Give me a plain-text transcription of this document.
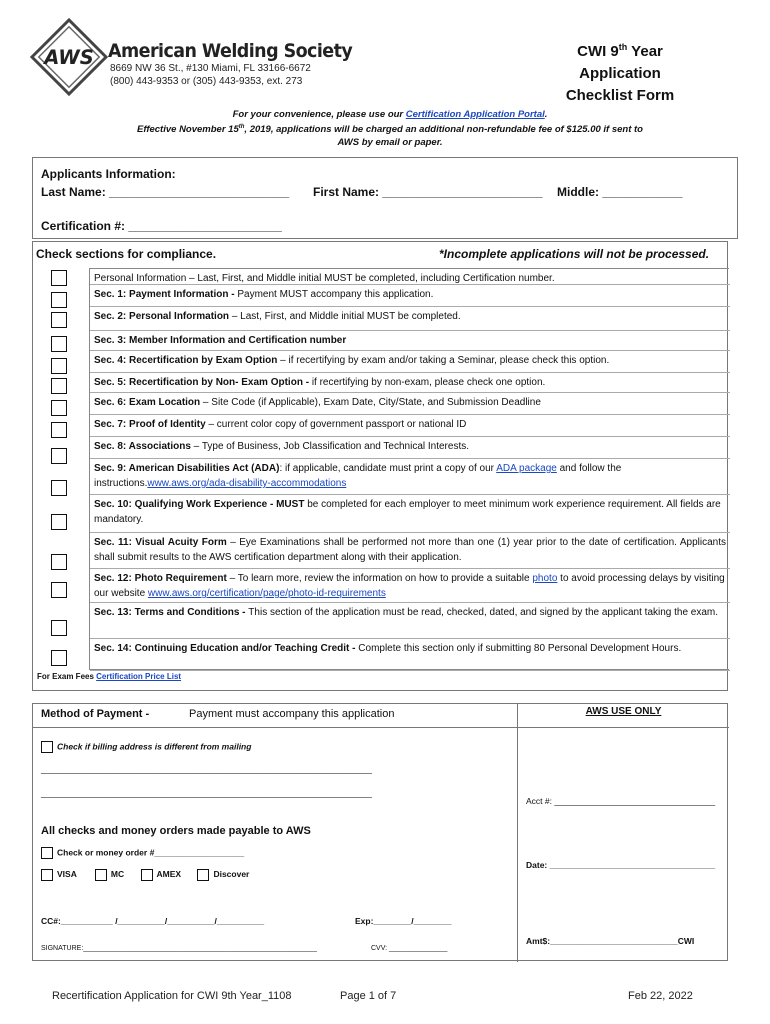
AWS American Welding Society
8669 NW 36 St., #130 Miami, FL 33166-6672
(800) 443-9353 or (305) 443-9353, ext. 273
CWI 9th Year
Application
Checklist Form
For your convenience, please use our Certification Application Portal.
Effective November 15th, 2019, applications will be charged an additional non-refundable fee of $125.00 if sent to
AWS by email or paper.
Applicants Information:
Last Name: ___________________________ First Name: ________________________ Middle: ____________
Certification #: _______________________
Check sections for compliance.	*Incomplete applications will not be processed.
Personal Information – Last, First, and Middle initial MUST be completed, including Certification number.
Sec. 1: Payment Information - Payment MUST accompany this application.
Sec. 2: Personal Information – Last, First, and Middle initial MUST be completed.
Sec. 3: Member Information and Certification number
Sec. 4: Recertification by Exam Option – if recertifying by exam and/or taking a Seminar, please check this option.
Sec. 5: Recertification by Non- Exam Option - if recertifying by non-exam, please check one option.
Sec. 6: Exam Location – Site Code (if Applicable), Exam Date, City/State, and Submission Deadline
Sec. 7: Proof of Identity – current color copy of government passport or national ID
Sec. 8: Associations – Type of Business, Job Classification and Technical Interests.
Sec. 9: American Disabilities Act (ADA): if applicable, candidate must print a copy of our ADA package and follow the instructions.www.aws.org/ada-disability-accommodations
Sec. 10: Qualifying Work Experience - MUST be completed for each employer to meet minimum work experience requirement. All fields are mandatory.
Sec. 11: Visual Acuity Form – Eye Examinations shall be performed not more than one (1) year prior to the date of certification. Applicants shall submit results to the AWS certification department along with their application.
Sec. 12: Photo Requirement – To learn more, review the information on how to provide a suitable photo to avoid processing delays by visiting our website www.aws.org/certification/page/photo-id-requirements
Sec. 13: Terms and Conditions - This section of the application must be read, checked, dated, and signed by the applicant taking the exam.
Sec. 14: Continuing Education and/or Teaching Credit - Complete this section only if submitting 80 Personal Development Hours.
For Exam Fees Certification Price List
Method of Payment -	Payment must accompany this application
Check if billing address is different from mailing
______________________________________________________________________
______________________________________________________________________
All checks and money orders made payable to AWS
Check or money order #___________________
VISA	MC	AMEX	Discover
CC#:___________ /__________/__________/__________	Exp:________/________
SIGNATURE:____________________________________________________________	CVV: _______________
AWS USE ONLY
Acct #: __________________________________
Date: ___________________________________
Amt$:___________________________CWI
Recertification Application for CWI 9th Year_1108	Page 1 of 7	Feb 22, 2022
